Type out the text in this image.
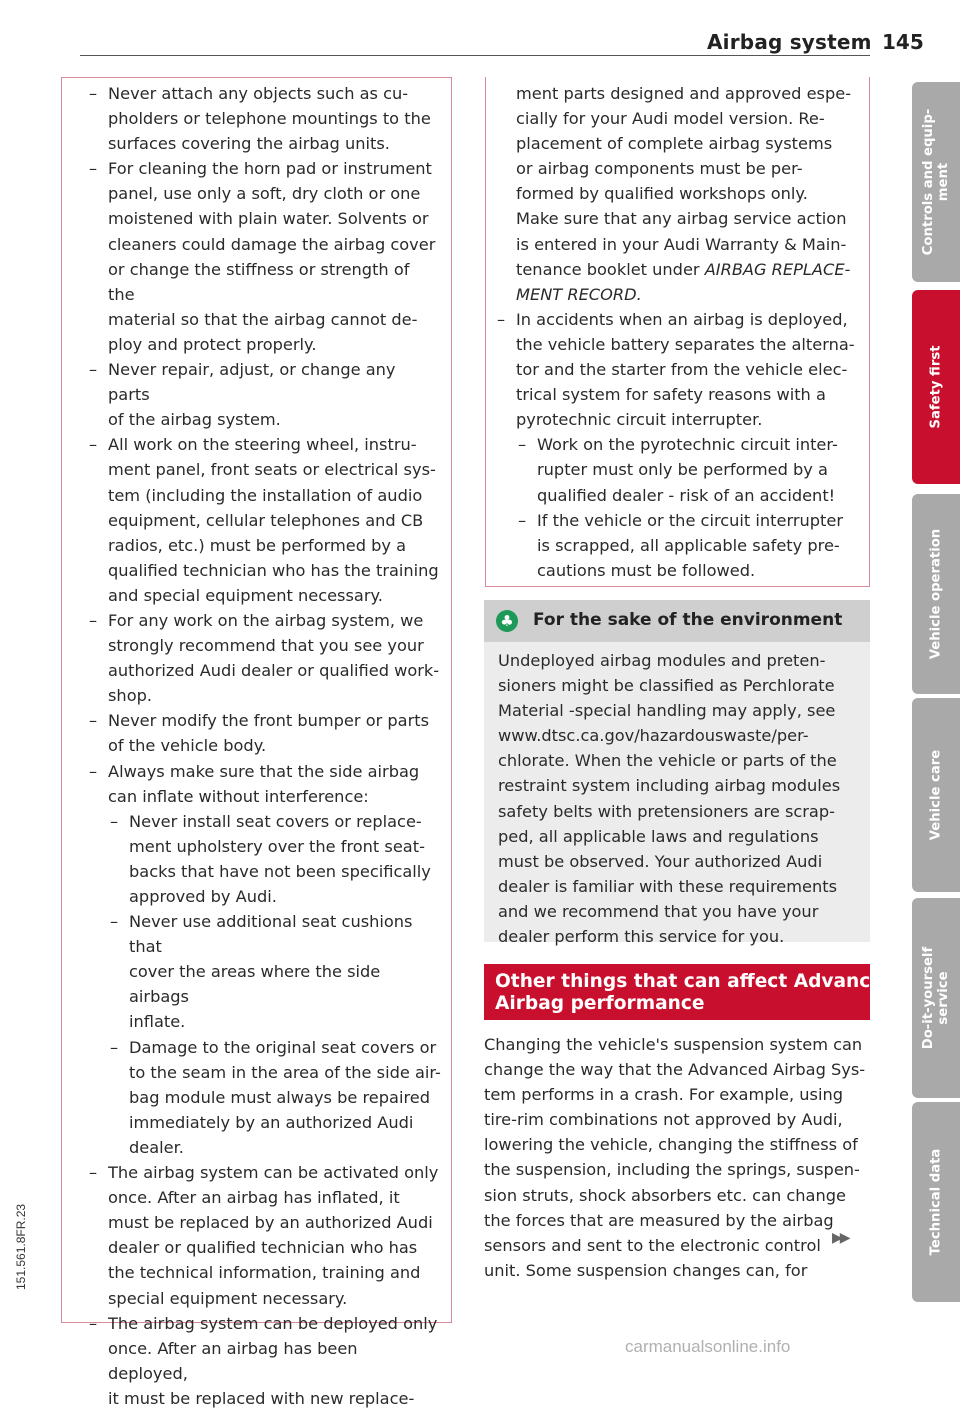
Airbag system 145
151.561.8FR.23
– Never attach any objects such as cu-
pholders or telephone mountings to the
surfaces covering the airbag units.
– For cleaning the horn pad or instrument
panel, use only a soft, dry cloth or one
moistened with plain water. Solvents or
cleaners could damage the airbag cover
or change the stiffness or strength of the
material so that the airbag cannot de-
ploy and protect properly.
– Never repair, adjust, or change any parts
of the airbag system.
– All work on the steering wheel, instru-
ment panel, front seats or electrical sys-
tem (including the installation of audio
equipment, cellular telephones and CB
radios, etc.) must be performed by a
qualified technician who has the training
and special equipment necessary.
– For any work on the airbag system, we
strongly recommend that you see your
authorized Audi dealer or qualified work-
shop.
– Never modify the front bumper or parts
of the vehicle body.
– Always make sure that the side airbag
can inflate without interference:
– Never install seat covers or replace-
ment upholstery over the front seat-
backs that have not been specifically
approved by Audi.
– Never use additional seat cushions that
cover the areas where the side airbags
inflate.
– Damage to the original seat covers or
to the seam in the area of the side air-
bag module must always be repaired
immediately by an authorized Audi
dealer.
– The airbag system can be activated only
once. After an airbag has inflated, it
must be replaced by an authorized Audi
dealer or qualified technician who has
the technical information, training and
special equipment necessary.
– The airbag system can be deployed only
once. After an airbag has been deployed,
it must be replaced with new replace-
ment parts designed and approved espe-
cially for your Audi model version. Re-
placement of complete airbag systems
or airbag components must be per-
formed by qualified workshops only.
Make sure that any airbag service action
is entered in your Audi Warranty & Main-
tenance booklet under AIRBAG REPLACE-
MENT RECORD.
– In accidents when an airbag is deployed,
the vehicle battery separates the alterna-
tor and the starter from the vehicle elec-
trical system for safety reasons with a
pyrotechnic circuit interrupter.
– Work on the pyrotechnic circuit inter-
rupter must only be performed by a
qualified dealer - risk of an accident!
– If the vehicle or the circuit interrupter
is scrapped, all applicable safety pre-
cautions must be followed.
♣ For the sake of the environment
Undeployed airbag modules and preten-
sioners might be classified as Perchlorate
Material -special handling may apply, see
www.dtsc.ca.gov/hazardouswaste/per-
chlorate. When the vehicle or parts of the
restraint system including airbag modules
safety belts with pretensioners are scrap-
ped, all applicable laws and regulations
must be observed. Your authorized Audi
dealer is familiar with these requirements
and we recommend that you have your
dealer perform this service for you.
Other things that can affect Advanced
Airbag performance
Changing the vehicle's suspension system can
change the way that the Advanced Airbag Sys-
tem performs in a crash. For example, using
tire-rim combinations not approved by Audi,
lowering the vehicle, changing the stiffness of
the suspension, including the springs, suspen-
sion struts, shock absorbers etc. can change
the forces that are measured by the airbag
sensors and sent to the electronic control
unit. Some suspension changes can, for
▶▶
Controls and equip- ment
Safety first
Vehicle operation
Vehicle care
Do-it-yourself service
Technical data
carmanualsonline.info
